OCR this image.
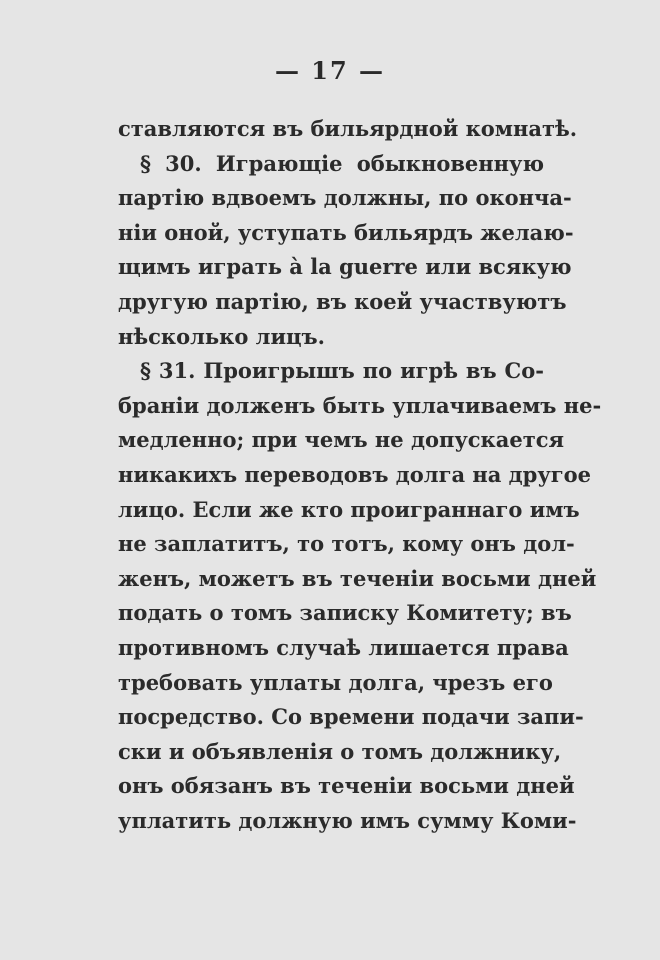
— 17 —
ставляются въ бильярдной комнатѣ.
§ 30. Играющіе обыкновенную
партію вдвоемъ должны, по оконча-
ніи оной, уступать бильярдъ желаю-
щимъ играть à la guerre или всякую
другую партію, въ коей участвуютъ
нѣсколько лицъ.
§ 31. Проигрышъ по игрѣ въ Со-
браніи долженъ быть уплачиваемъ не-
медленно; при чемъ не допускается
никакихъ переводовъ долга на другое
лицо. Если же кто проиграннаго имъ
не заплатитъ, то тотъ, кому онъ дол-
женъ, можетъ въ теченіи восьми дней
подать о томъ записку Комитету; въ
противномъ случаѣ лишается права
требовать уплаты долга, чрезъ его
посредство. Со времени подачи запи-
ски и объявленія о томъ должнику,
онъ обязанъ въ теченіи восьми дней
уплатить должную имъ сумму Коми-
